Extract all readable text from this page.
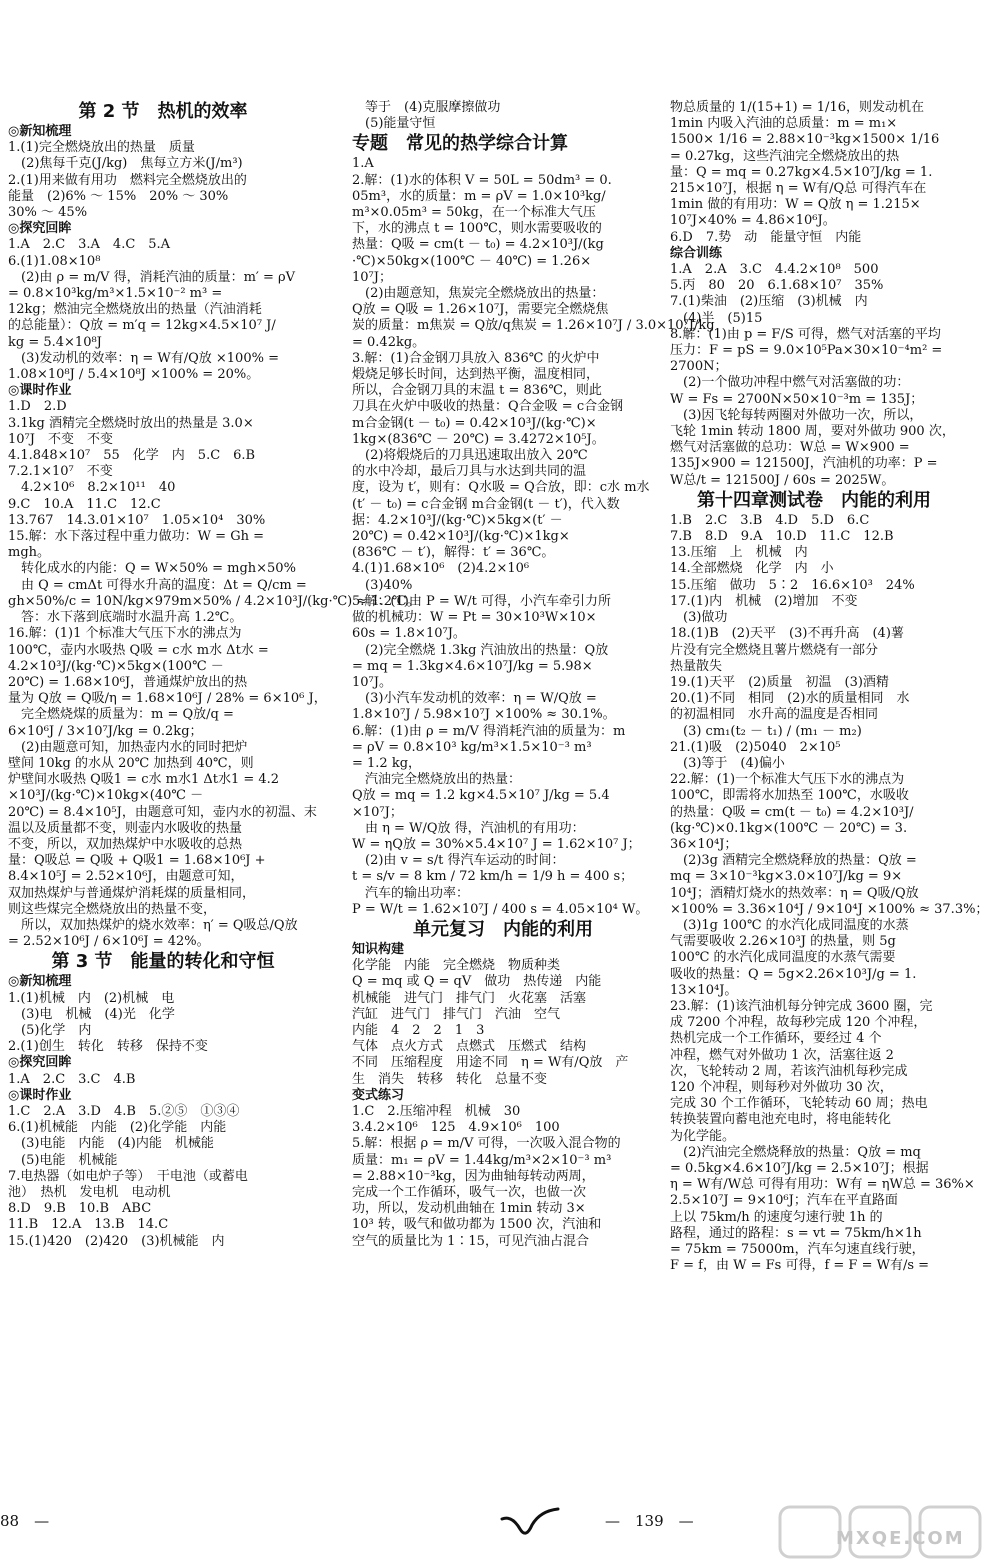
第 2 节　热机的效率
◎新知梳理
1.(1)完全燃烧放出的热量　质量
　(2)焦每千克(J/kg)　焦每立方米(J/m³)
2.(1)用来做有用功　燃料完全燃烧放出的
能量　(2)6% ～ 15%　20% ～ 30%
30% ～ 45%
◎探究回眸
1.A　2.C　3.A　4.C　5.A
6.(1)1.08×10⁸
　(2)由 ρ = m/V 得，消耗汽油的质量：m′ = ρV
= 0.8×10³kg/m³×1.5×10⁻² m³ =
12kg；燃油完全燃烧放出的热量（汽油消耗
的总能量）：Q放 = m′q = 12kg×4.5×10⁷ J/
kg = 5.4×10⁸J
　(3)发动机的效率：η = W有/Q放 ×100% =
1.08×10⁸J / 5.4×10⁸J ×100% = 20%。
◎课时作业
1.D　2.D
3.1kg 酒精完全燃烧时放出的热量是 3.0×
10⁷J　不变　不变
4.1.848×10⁷　55　化学　内　5.C　6.B
7.2.1×10⁷　不变
　4.2×10⁶　8.2×10¹¹　40
9.C　10.A　11.C　12.C
13.767　14.3.01×10⁷　1.05×10⁴　30%
15.解：水下落过程中重力做功：W = Gh =
mgh。
　转化成水的内能：Q = W×50% = mgh×50%
　由 Q = cmΔt 可得水升高的温度：Δt = Q/cm =
gh×50%/c = 10N/kg×979m×50% / 4.2×10³J/(kg·℃) ≈ 1.2℃。
　答：水下落到底端时水温升高 1.2℃。
16.解：(1)1 个标准大气压下水的沸点为
100℃，壶内水吸热 Q吸 = c水 m水 Δt水 =
4.2×10³J/(kg·℃)×5kg×(100℃ －
20℃) = 1.68×10⁶J，普通煤炉放出的热
量为 Q放 = Q吸/η = 1.68×10⁶J / 28% = 6×10⁶ J，
　完全燃烧煤的质量为：m = Q放/q =
6×10⁶J / 3×10⁷J/kg = 0.2kg；
　(2)由题意可知，加热壶内水的同时把炉
壁间 10kg 的水从 20℃ 加热到 40℃，则
炉壁间水吸热 Q吸1 = c水 m水1 Δt水1 = 4.2
×10³J/(kg·℃)×10kg×(40℃ －
20℃) = 8.4×10⁵J，由题意可知，壶内水的初温、末
温以及质量都不变，则壶内水吸收的热量
不变，所以，双加热煤炉中水吸收的总热
量：Q吸总 = Q吸 + Q吸1 = 1.68×10⁶J +
8.4×10⁵J = 2.52×10⁶J，由题意可知，
双加热煤炉与普通煤炉消耗煤的质量相同，
则这些煤完全燃烧放出的热量不变，
　所以，双加热煤炉的烧水效率：η′ = Q吸总/Q放
= 2.52×10⁶J / 6×10⁶J = 42%。
第 3 节　能量的转化和守恒
◎新知梳理
1.(1)机械　内　(2)机械　电
　(3)电　机械　(4)光　化学
　(5)化学　内
2.(1)创生　转化　转移　保持不变
◎探究回眸
1.A　2.C　3.C　4.B
◎课时作业
1.C　2.A　3.D　4.B　5.②⑤　①③④
6.(1)机械能　内能　(2)化学能　内能
　(3)电能　内能　(4)内能　机械能
　(5)电能　机械能
7.电热器（如电炉子等）　干电池（或蓄电
池）　热机　发电机　电动机
8.D　9.B　10.B　ABC
11.B　12.A　13.B　14.C
15.(1)420　(2)420　(3)机械能　内
　等于　(4)克服摩擦做功
　(5)能量守恒
专题　常见的热学综合计算
1.A
2.解：(1)水的体积 V = 50L = 50dm³ = 0.
05m³，水的质量：m = ρV = 1.0×10³kg/
m³×0.05m³ = 50kg，在一个标准大气压
下，水的沸点 t = 100℃，则水需要吸收的
热量：Q吸 = cm(t － t₀) = 4.2×10³J/(kg
·℃)×50kg×(100℃ － 40℃) = 1.26×
10⁷J；
　(2)由题意知，焦炭完全燃烧放出的热量：
Q放 = Q吸 = 1.26×10⁷J，需要完全燃烧焦
炭的质量：m焦炭 = Q放/q焦炭 = 1.26×10⁷J / 3.0×10⁷J/kg
= 0.42kg。
3.解：(1)合金钢刀具放入 836℃ 的火炉中
煅烧足够长时间，达到热平衡，温度相同，
所以，合金钢刀具的末温 t = 836℃，则此
刀具在火炉中吸收的热量：Q合金吸 = c合金钢
m合金钢(t － t₀) = 0.42×10³J/(kg·℃)×
1kg×(836℃ － 20℃) = 3.4272×10⁵J。
　(2)将煅烧后的刀具迅速取出放入 20℃
的水中冷却，最后刀具与水达到共同的温
度，设为 t′，则有：Q水吸 = Q合放，即：c水 m水
(t′ － t₀) = c合金钢 m合金钢(t － t′)，代入数
据：4.2×10³J/(kg·℃)×5kg×(t′ －
20℃) = 0.42×10³J/(kg·℃)×1kg×
(836℃ － t′)，解得：t′ = 36℃。
4.(1)1.68×10⁶　(2)4.2×10⁶
　(3)40%
5.解：(1)由 P = W/t 可得，小汽车牵引力所
做的机械功：W = Pt = 30×10³W×10×
60s = 1.8×10⁷J。
　(2)完全燃烧 1.3kg 汽油放出的热量：Q放
= mq = 1.3kg×4.6×10⁷J/kg = 5.98×
10⁷J。
　(3)小汽车发动机的效率：η = W/Q放 =
1.8×10⁷J / 5.98×10⁷J ×100% ≈ 30.1%。
6.解：(1)由 ρ = m/V 得消耗汽油的质量为：m
= ρV = 0.8×10³ kg/m³×1.5×10⁻³ m³
= 1.2 kg，
　汽油完全燃烧放出的热量：
Q放 = mq = 1.2 kg×4.5×10⁷ J/kg = 5.4
×10⁷J；
　由 η = W/Q放 得，汽油机的有用功：
W = ηQ放 = 30%×5.4×10⁷ J = 1.62×10⁷ J；
　(2)由 v = s/t 得汽车运动的时间：
t = s/v = 8 km / 72 km/h = 1/9 h = 400 s；
　汽车的输出功率：
P = W/t = 1.62×10⁷J / 400 s = 4.05×10⁴ W。
单元复习　内能的利用
知识构建
化学能　内能　完全燃烧　物质种类
Q = mq 或 Q = qV　做功　热传递　内能
机械能　进气门　排气门　火花塞　活塞
汽缸　进气门　排气门　汽油　空气
内能　4　2　2　1　3
气体　点火方式　点燃式　压燃式　结构
不同　压缩程度　用途不同　η = W有/Q放　产
生　消失　转移　转化　总量不变
变式练习
1.C　2.压缩冲程　机械　30
3.4.2×10⁶　125　4.9×10⁶　100
5.解：根据 ρ = m/V 可得，一次吸入混合物的
质量：m₁ = ρV = 1.44kg/m³×2×10⁻³ m³
= 2.88×10⁻³kg，因为曲轴每转动两周，
完成一个工作循环，吸气一次，也做一次
功，所以，发动机曲轴在 1min 转动 3×
10³ 转，吸气和做功都为 1500 次，汽油和
空气的质量比为 1∶15，可见汽油占混合
物总质量的 1/(15+1) = 1/16，则发动机在
1min 内吸入汽油的总质量：m = m₁×
1500× 1/16 = 2.88×10⁻³kg×1500× 1/16
= 0.27kg，这些汽油完全燃烧放出的热
量：Q = mq = 0.27kg×4.5×10⁷J/kg = 1.
215×10⁷J，根据 η = W有/Q总 可得汽车在
1min 做的有用功：W = Q放 η = 1.215×
10⁷J×40% = 4.86×10⁶J。
6.D　7.势　动　能量守恒　内能
综合训练
1.A　2.A　3.C　4.4.2×10⁸　500
5.丙　80　20　6.1.68×10⁷　35%
7.(1)柴油　(2)压缩　(3)机械　内
　(4)半　(5)15
8.解：(1)由 p = F/S 可得，燃气对活塞的平均
压力：F = pS = 9.0×10⁵Pa×30×10⁻⁴m² =
2700N；
　(2)一个做功冲程中燃气对活塞做的功：
W = Fs = 2700N×50×10⁻³m = 135J；
　(3)因飞轮每转两圈对外做功一次，所以，
飞轮 1min 转动 1800 周，要对外做功 900 次，
燃气对活塞做的总功：W总 = W×900 =
135J×900 = 121500J，汽油机的功率：P =
W总/t = 121500J / 60s = 2025W。
第十四章测试卷　内能的利用
1.B　2.C　3.B　4.D　5.D　6.C
7.B　8.D　9.A　10.D　11.C　12.B
13.压缩　上　机械　内
14.全部燃烧　化学　内　小
15.压缩　做功　5∶2　16.6×10³　24%
17.(1)内　机械　(2)增加　不变
　(3)做功
18.(1)B　(2)天平　(3)不再升高　(4)薯
片没有完全燃烧且薯片燃烧有一部分
热量散失
19.(1)天平　(2)质量　初温　(3)酒精
20.(1)不同　相同　(2)水的质量相同　水
的初温相同　水升高的温度是否相同
　(3) cm₁(t₂ － t₁) / (m₁ － m₂)
21.(1)吸　(2)5040　2×10⁵
　(3)等于　(4)偏小
22.解：(1)一个标准大气压下水的沸点为
100℃，即需将水加热至 100℃，水吸收
的热量：Q吸 = cm(t － t₀) = 4.2×10³J/
(kg·℃)×0.1kg×(100℃ － 20℃) = 3.
36×10⁴J；
　(2)3g 酒精完全燃烧释放的热量：Q放 =
mq = 3×10⁻³kg×3.0×10⁷J/kg = 9×
10⁴J；酒精灯烧水的热效率：η = Q吸/Q放
×100% = 3.36×10⁴J / 9×10⁴J ×100% ≈ 37.3%；
　(3)1g 100℃ 的水汽化成同温度的水蒸
气需要吸收 2.26×10³J 的热量，则 5g
100℃ 的水汽化成同温度的水蒸气需要
吸收的热量：Q = 5g×2.26×10³J/g = 1.
13×10⁴J。
23.解：(1)该汽油机每分钟完成 3600 圈，完
成 7200 个冲程，故每秒完成 120 个冲程，
热机完成一个工作循环，要经过 4 个
冲程，燃气对外做功 1 次，活塞往返 2
次，飞轮转动 2 周，若该汽油机每秒完成
120 个冲程，则每秒对外做功 30 次，
完成 30 个工作循环，飞轮转动 60 周；热电
转换装置向蓄电池充电时，将电能转化
为化学能。
　(2)汽油完全燃烧释放的热量：Q放 = mq
= 0.5kg×4.6×10⁷J/kg = 2.5×10⁷J；根据
η = W有/W总 可得有用功：W有 = ηW总 = 36%×
2.5×10⁷J = 9×10⁶J；汽车在平直路面
上以 75km/h 的速度匀速行驶 1h 的
路程，通过的路程：s = vt = 75km/h×1h
= 75km = 75000m，汽车匀速直线行驶，
F = f，由 W = Fs 可得，f = F = W有/s =
88　—	—　139　—
MXQE.COM
